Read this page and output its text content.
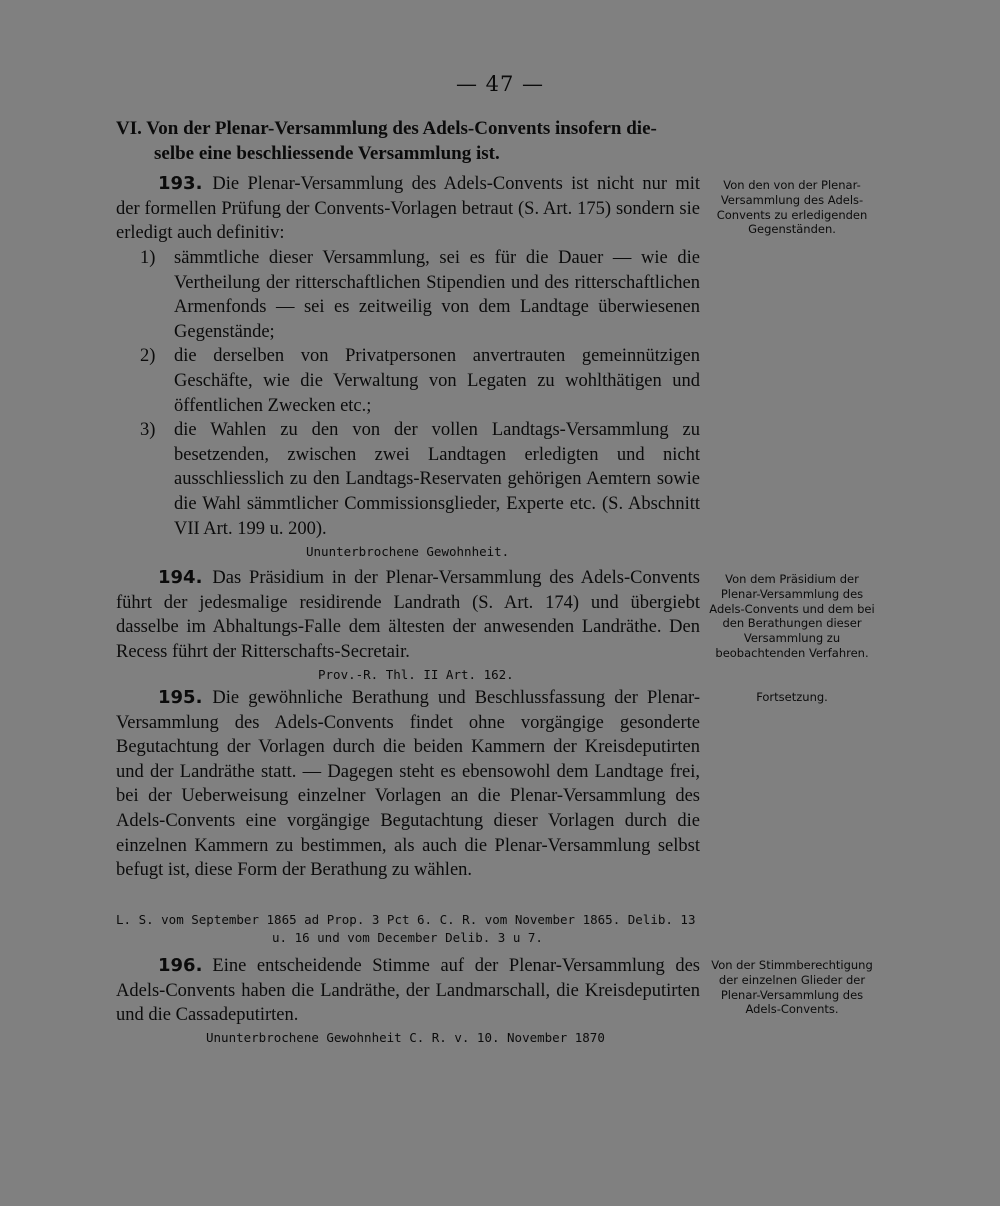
— 47 —
VI. Von der Plenar-Versammlung des Adels-Convents insofern die-
selbe eine beschliessende Versammlung ist.
193. Die Plenar-Versammlung des Adels-Convents ist nicht nur mit der formellen Prüfung der Convents-Vorlagen betraut (S. Art. 175) sondern sie erledigt auch definitiv:
1)	sämmtliche dieser Versammlung, sei es für die Dauer — wie die Vertheilung der ritterschaftlichen Stipendien und des ritterschaftlichen Armenfonds — sei es zeitweilig von dem Landtage überwiesenen Gegenstände;
2)	die derselben von Privatpersonen anvertrauten gemeinnützigen Geschäfte, wie die Verwaltung von Legaten zu wohlthätigen und öffentlichen Zwecken etc.;
3)	die Wahlen zu den von der vollen Landtags-Versammlung zu besetzenden, zwischen zwei Landtagen erledigten und nicht ausschliesslich zu den Landtags-Reservaten gehörigen Aemtern sowie die Wahl sämmtlicher Commissionsglieder, Experte etc. (S. Abschnitt VII Art. 199 u. 200).
Ununterbrochene Gewohnheit.
Von den von der Plenar-Versammlung des Adels-Convents zu erledigenden Gegenständen.
194. Das Präsidium in der Plenar-Versammlung des Adels-Convents führt der jedesmalige residirende Landrath (S. Art. 174) und übergiebt dasselbe im Abhaltungs-Falle dem ältesten der anwesenden Landräthe. Den Recess führt der Ritterschafts-Secretair.
Prov.-R. Thl. II Art. 162.
Von dem Präsidium der Plenar-Versammlung des Adels-Convents und dem bei den Berathungen dieser Versammlung zu beobachtenden Verfahren.
195. Die gewöhnliche Berathung und Beschlussfassung der Plenar-Versammlung des Adels-Convents findet ohne vorgängige gesonderte Begutachtung der Vorlagen durch die beiden Kammern der Kreisdeputirten und der Landräthe statt. — Dagegen steht es ebensowohl dem Landtage frei, bei der Ueberweisung einzelner Vorlagen an die Plenar-Versammlung des Adels-Convents eine vorgängige Begutachtung dieser Vorlagen durch die einzelnen Kammern zu bestimmen, als auch die Plenar-Versammlung selbst befugt ist, diese Form der Berathung zu wählen.
L. S. vom September 1865 ad Prop. 3 Pct 6. C. R. vom November 1865. Delib. 13
u. 16 und vom December Delib. 3 u 7.
Fortsetzung.
196. Eine entscheidende Stimme auf der Plenar-Versammlung des Adels-Convents haben die Landräthe, der Landmarschall, die Kreisdeputirten und die Cassadeputirten.
Ununterbrochene Gewohnheit C. R. v. 10. November 1870
Von der Stimmberechtigung der einzelnen Glieder der Plenar-Versammlung des Adels-Convents.
